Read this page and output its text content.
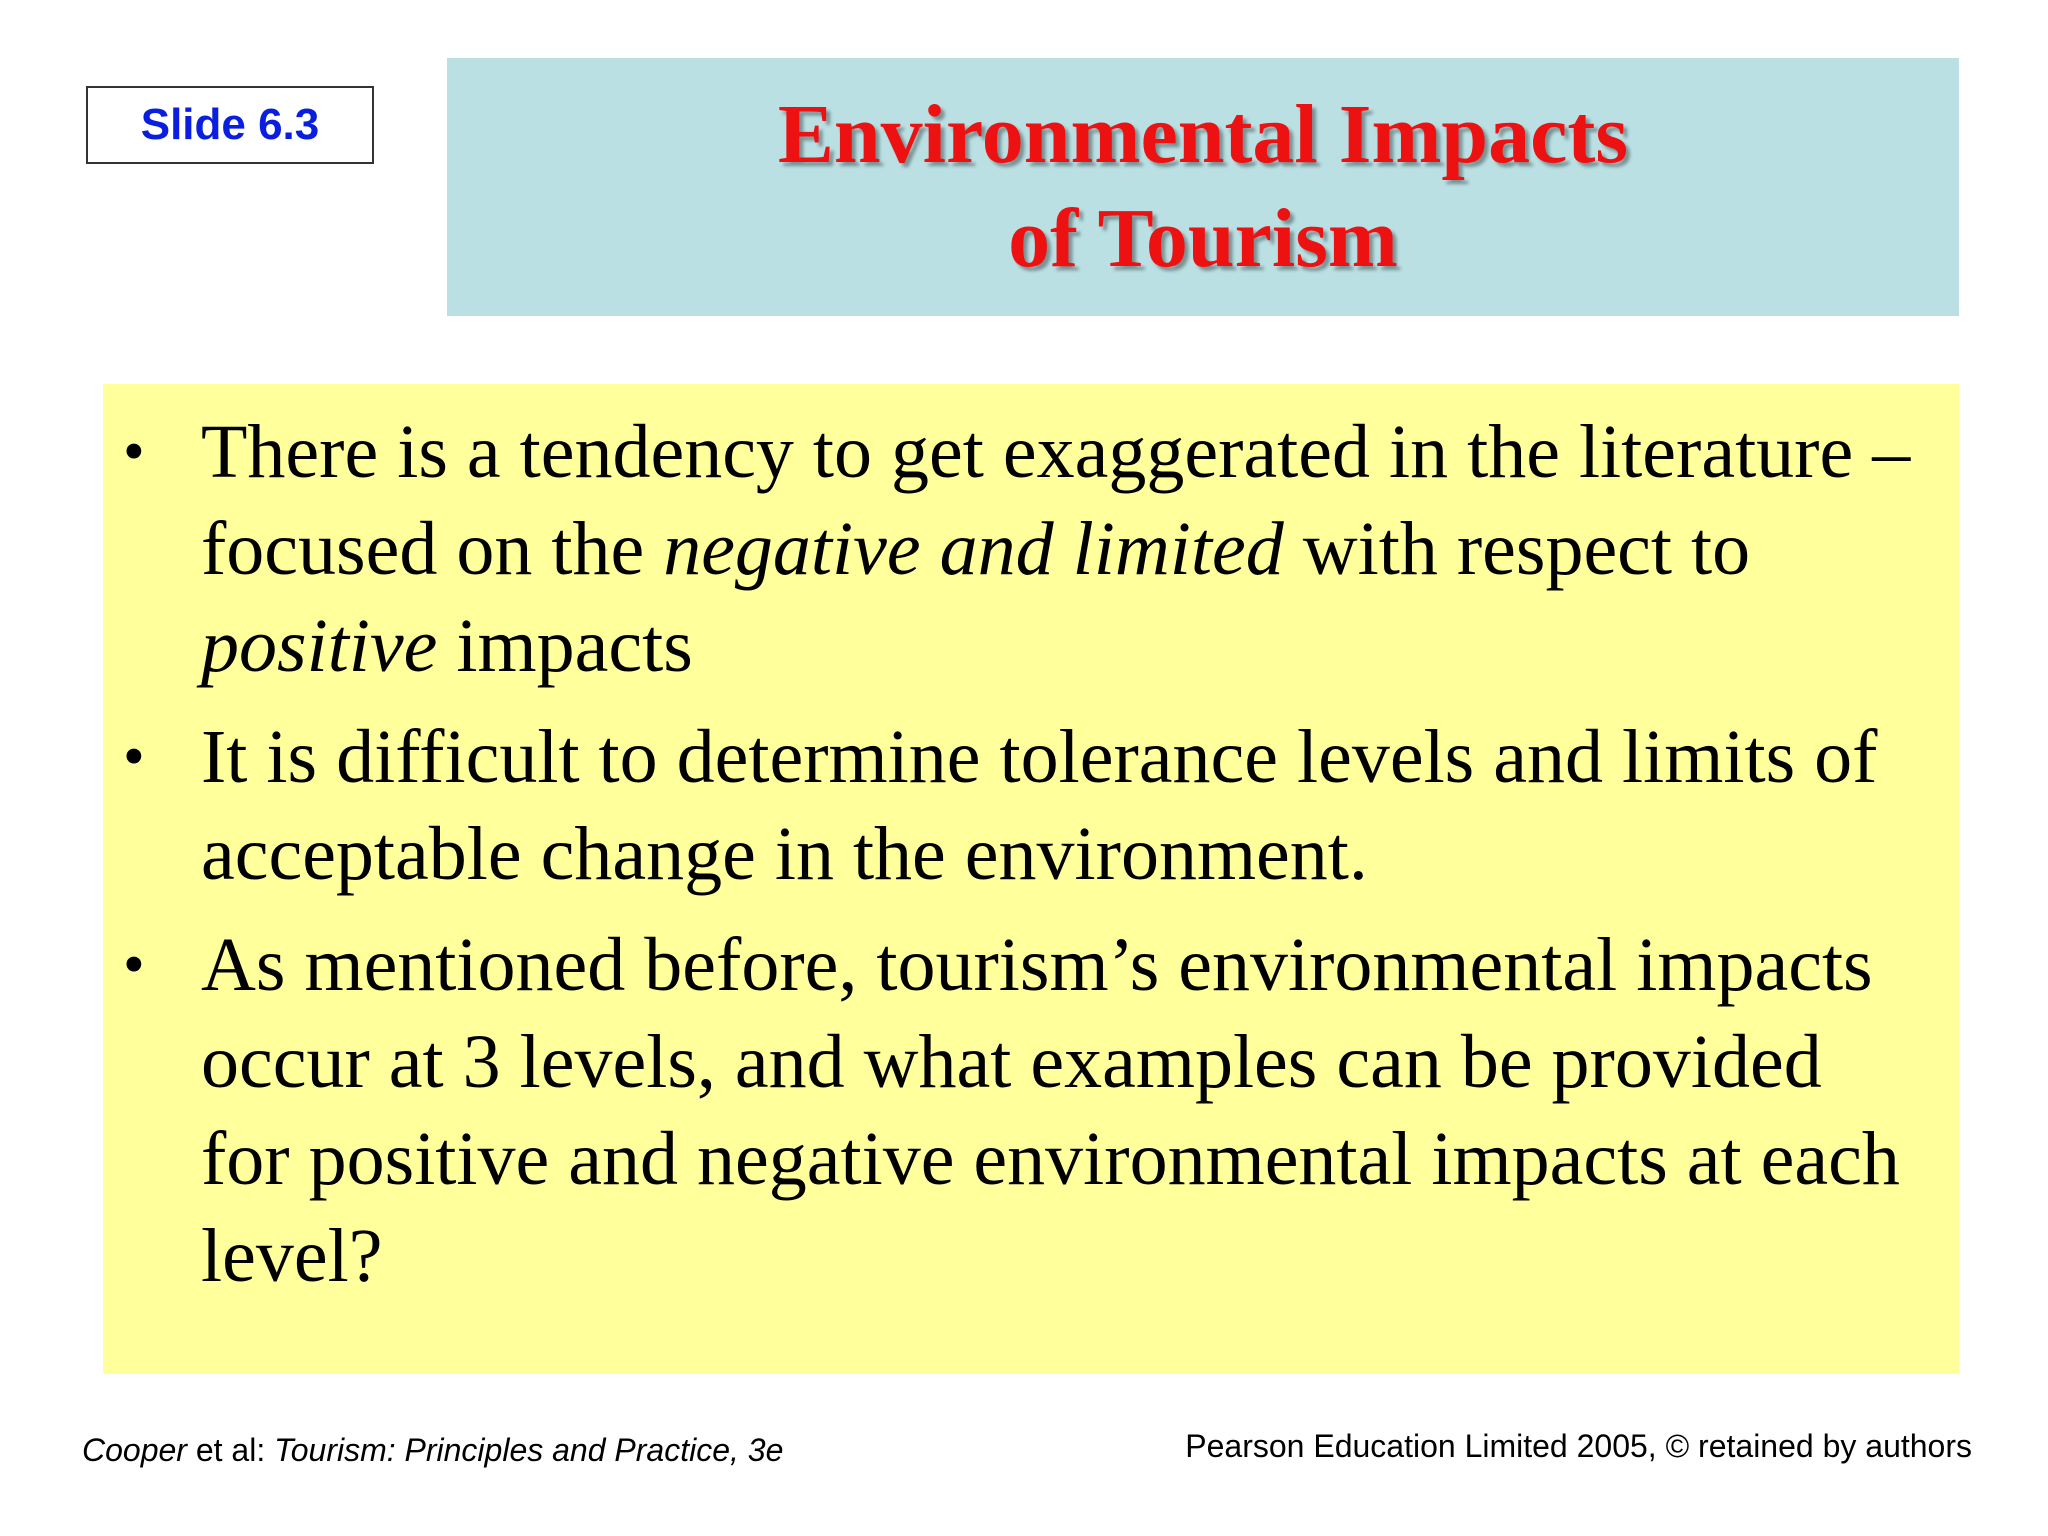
Slide 6.3	Environmental Impacts
of Tourism
• There is a tendency to get exaggerated in the literature – focused on the negative and limited with respect to positive impacts
• It is difficult to determine tolerance levels and limits of acceptable change in the environment.
• As mentioned before, tourism’s environmental impacts occur at 3 levels, and what examples can be provided for positive and negative environmental impacts at each level?
Cooper et al: Tourism: Principles and Practice, 3e	Pearson Education Limited 2005, © retained by authors
